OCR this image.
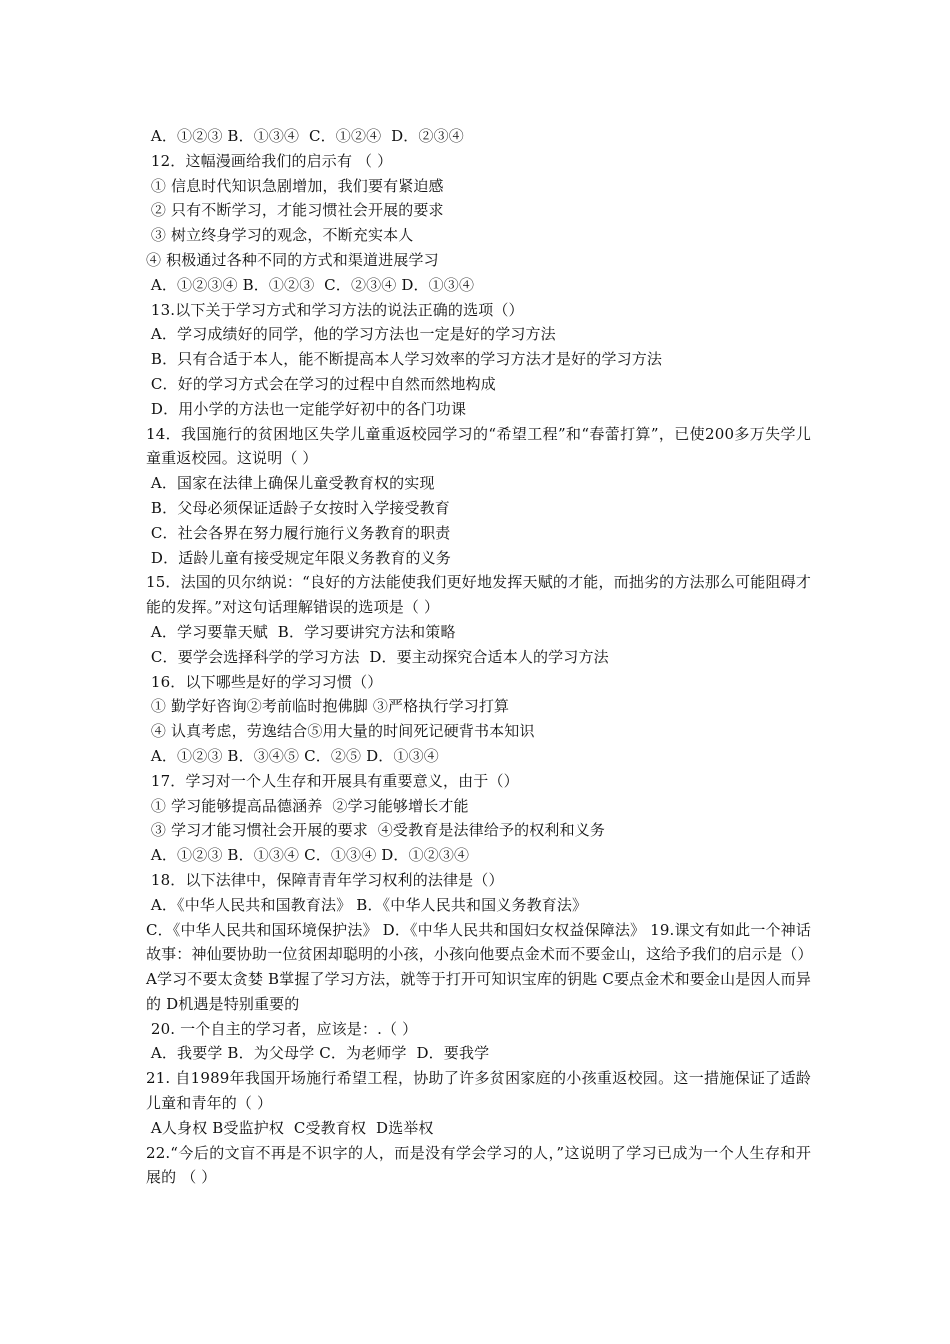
A．①②③ B．①③④  C．①②④  D．②③④
12．这幅漫画给我们的启示有 （ ）
① 信息时代知识急剧增加，我们要有紧迫感
② 只有不断学习，才能习惯社会开展的要求
③ 树立终身学习的观念，不断充实本人
④ 积极通过各种不同的方式和渠道进展学习
A．①②③④ B．①②③  C．②③④ D．①③④
13.以下关于学习方式和学习方法的说法正确的选项（）
A．学习成绩好的同学，他的学习方法也一定是好的学习方法
B．只有合适于本人，能不断提高本人学习效率的学习方法才是好的学习方法
C．好的学习方式会在学习的过程中自然而然地构成
D．用小学的方法也一定能学好初中的各门功课
14．我国施行的贫困地区失学儿童重返校园学习的“希望工程”和“春蕾打算”，已使200多万失学儿童重返校园。这说明（ ）
A．国家在法律上确保儿童受教育权的实现
B．父母必须保证适龄子女按时入学接受教育
C．社会各界在努力履行施行义务教育的职责
D．适龄儿童有接受规定年限义务教育的义务
15．法国的贝尔纳说：“良好的方法能使我们更好地发挥天赋的才能，而拙劣的方法那么可能阻碍才能的发挥。”对这句话理解错误的选项是（ ）
A．学习要靠天赋  B．学习要讲究方法和策略
C．要学会选择科学的学习方法  D．要主动探究合适本人的学习方法
16．以下哪些是好的学习习惯（）
① 勤学好咨询②考前临时抱佛脚 ③严格执行学习打算
④ 认真考虑，劳逸结合⑤用大量的时间死记硬背书本知识
A．①②③ B．③④⑤ C．②⑤ D．①③④
17．学习对一个人生存和开展具有重要意义，由于（）
① 学习能够提高品德涵养  ②学习能够增长才能
③ 学习才能习惯社会开展的要求  ④受教育是法律给予的权利和义务
A．①②③ B．①③④ C．①③④ D．①②③④
18．以下法律中，保障青青年学习权利的法律是（）
A．《中华人民共和国教育法》 B．《中华人民共和国义务教育法》
C．《中华人民共和国环境保护法》 D．《中华人民共和国妇女权益保障法》 19.课文有如此一个神话故事：神仙要协助一位贫困却聪明的小孩，小孩向他要点金术而不要金山，这给予我们的启示是（）
A学习不要太贪婪 B掌握了学习方法，就等于打开可知识宝库的钥匙 C要点金术和要金山是因人而异的 D机遇是特别重要的
20. 一个自主的学习者，应该是：.（ ）
A．我要学 B．为父母学 C．为老师学  D．要我学
21. 自1989年我国开场施行希望工程，协助了许多贫困家庭的小孩重返校园。这一措施保证了适龄儿童和青年的（ ）
A人身权 B受监护权  C受教育权  D选举权
22.“今后的文盲不再是不识字的人，而是没有学会学习的人，”这说明了学习已成为一个人生存和开展的 （ ）
